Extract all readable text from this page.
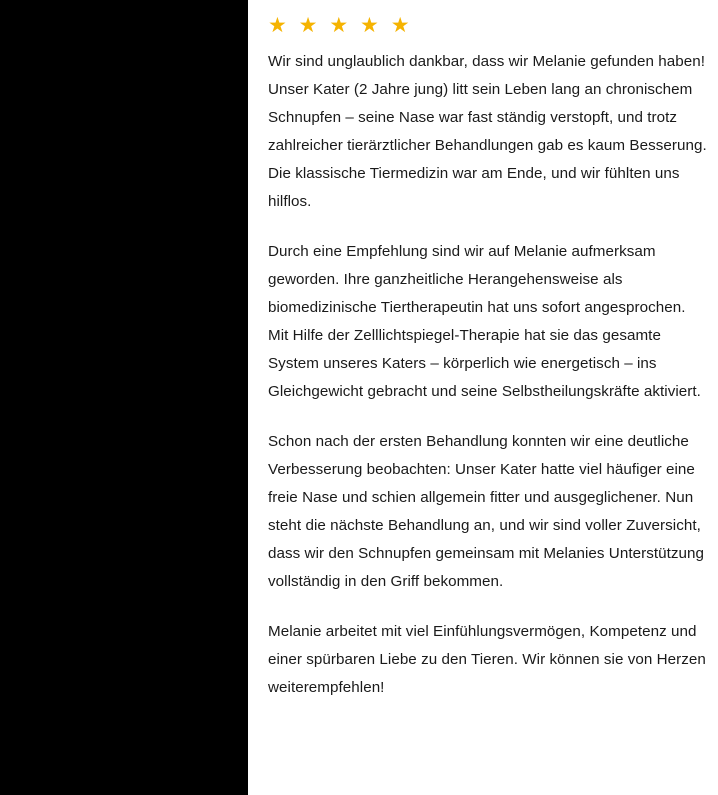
★ ★ ★ ★ ★

Wir sind unglaublich dankbar, dass wir Melanie gefunden haben! Unser Kater (2 Jahre jung) litt sein Leben lang an chronischem Schnupfen – seine Nase war fast ständig verstopft, und trotz zahlreicher tierärztlicher Behandlungen gab es kaum Besserung. Die klassische Tiermedizin war am Ende, und wir fühlten uns hilflos.

Durch eine Empfehlung sind wir auf Melanie aufmerksam geworden. Ihre ganzheitliche Herangehensweise als biomedizinische Tiertherapeutin hat uns sofort angesprochen. Mit Hilfe der Zelllichtspiegel-Therapie hat sie das gesamte System unseres Katers – körperlich wie energetisch – ins Gleichgewicht gebracht und seine Selbstheilungskräfte aktiviert.

Schon nach der ersten Behandlung konnten wir eine deutliche Verbesserung beobachten: Unser Kater hatte viel häufiger eine freie Nase und schien allgemein fitter und ausgeglichener. Nun steht die nächste Behandlung an, und wir sind voller Zuversicht, dass wir den Schnupfen gemeinsam mit Melanies Unterstützung vollständig in den Griff bekommen.

Melanie arbeitet mit viel Einfühlungsvermögen, Kompetenz und einer spürbaren Liebe zu den Tieren. Wir können sie von Herzen weiterempfehlen!
